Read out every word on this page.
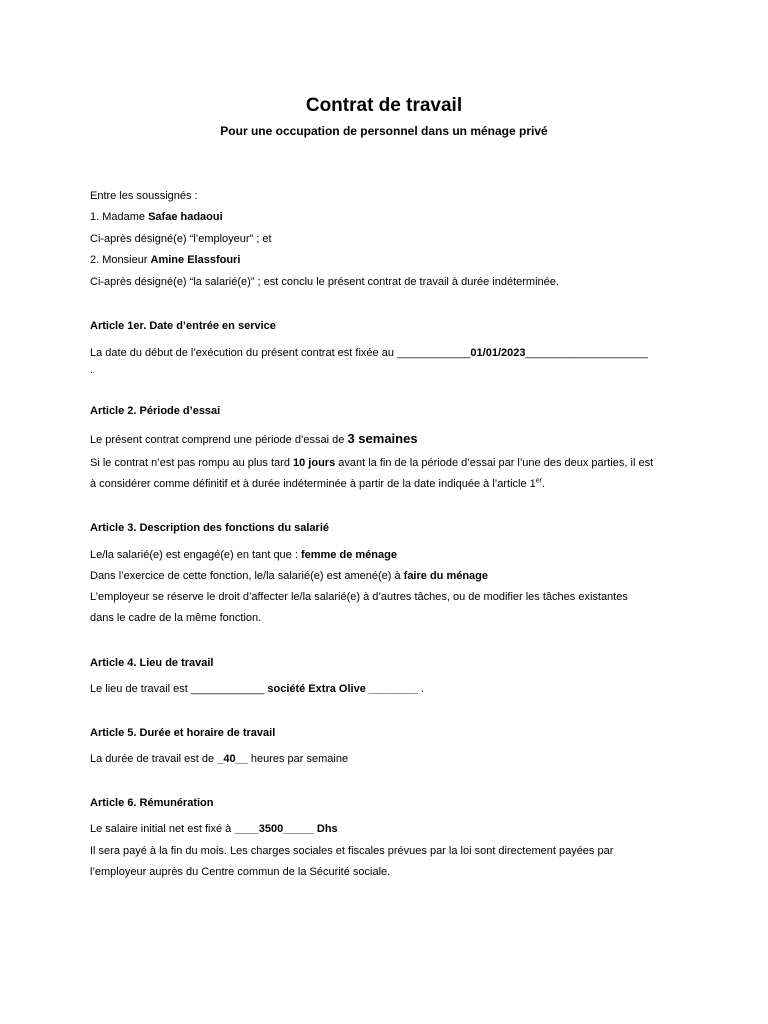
Contrat de travail
Pour une occupation de personnel dans un ménage privé
Entre les soussignés :
1. Madame Safae hadaoui
Ci-après désigné(e) “l’employeur” ; et
2. Monsieur Amine Elassfouri
Ci-après désigné(e) “la salarié(e)” ; est conclu le présent contrat de travail à durée indéterminée.
Article 1er. Date d’entrée en service
La date du début de l’exécution du présent contrat est fixée au ____________01/01/2023____________________
.
Article 2. Période d’essai
Le présent contrat comprend une période d’essai de 3 semaines
Si le contrat n’est pas rompu au plus tard 10 jours avant la fin de la période d’essai par l’une des deux parties, il est
à considérer comme définitif et à durée indéterminée à partir de la date indiquée à l’article 1er.
Article 3. Description des fonctions du salarié
Le/la salarié(e) est engagé(e) en tant que : femme de ménage
Dans l’exercice de cette fonction, le/la salarié(e) est amené(e) à faire du ménage
L’employeur se réserve le droit d’affecter le/la salarié(e) à d’autres tâches, ou de modifier les tâches existantes
dans le cadre de la même fonction.
Article 4. Lieu de travail
Le lieu de travail est ____________ société Extra Olive ________ .
Article 5. Durée et horaire de travail
La durée de travail est de _40__ heures par semaine
Article 6. Rémunération
Le salaire initial net est fixé à ____3500_____ Dhs
Il sera payé à la fin du mois. Les charges sociales et fiscales prévues par la loi sont directement payées par
l’employeur auprès du Centre commun de la Sécurité sociale.
